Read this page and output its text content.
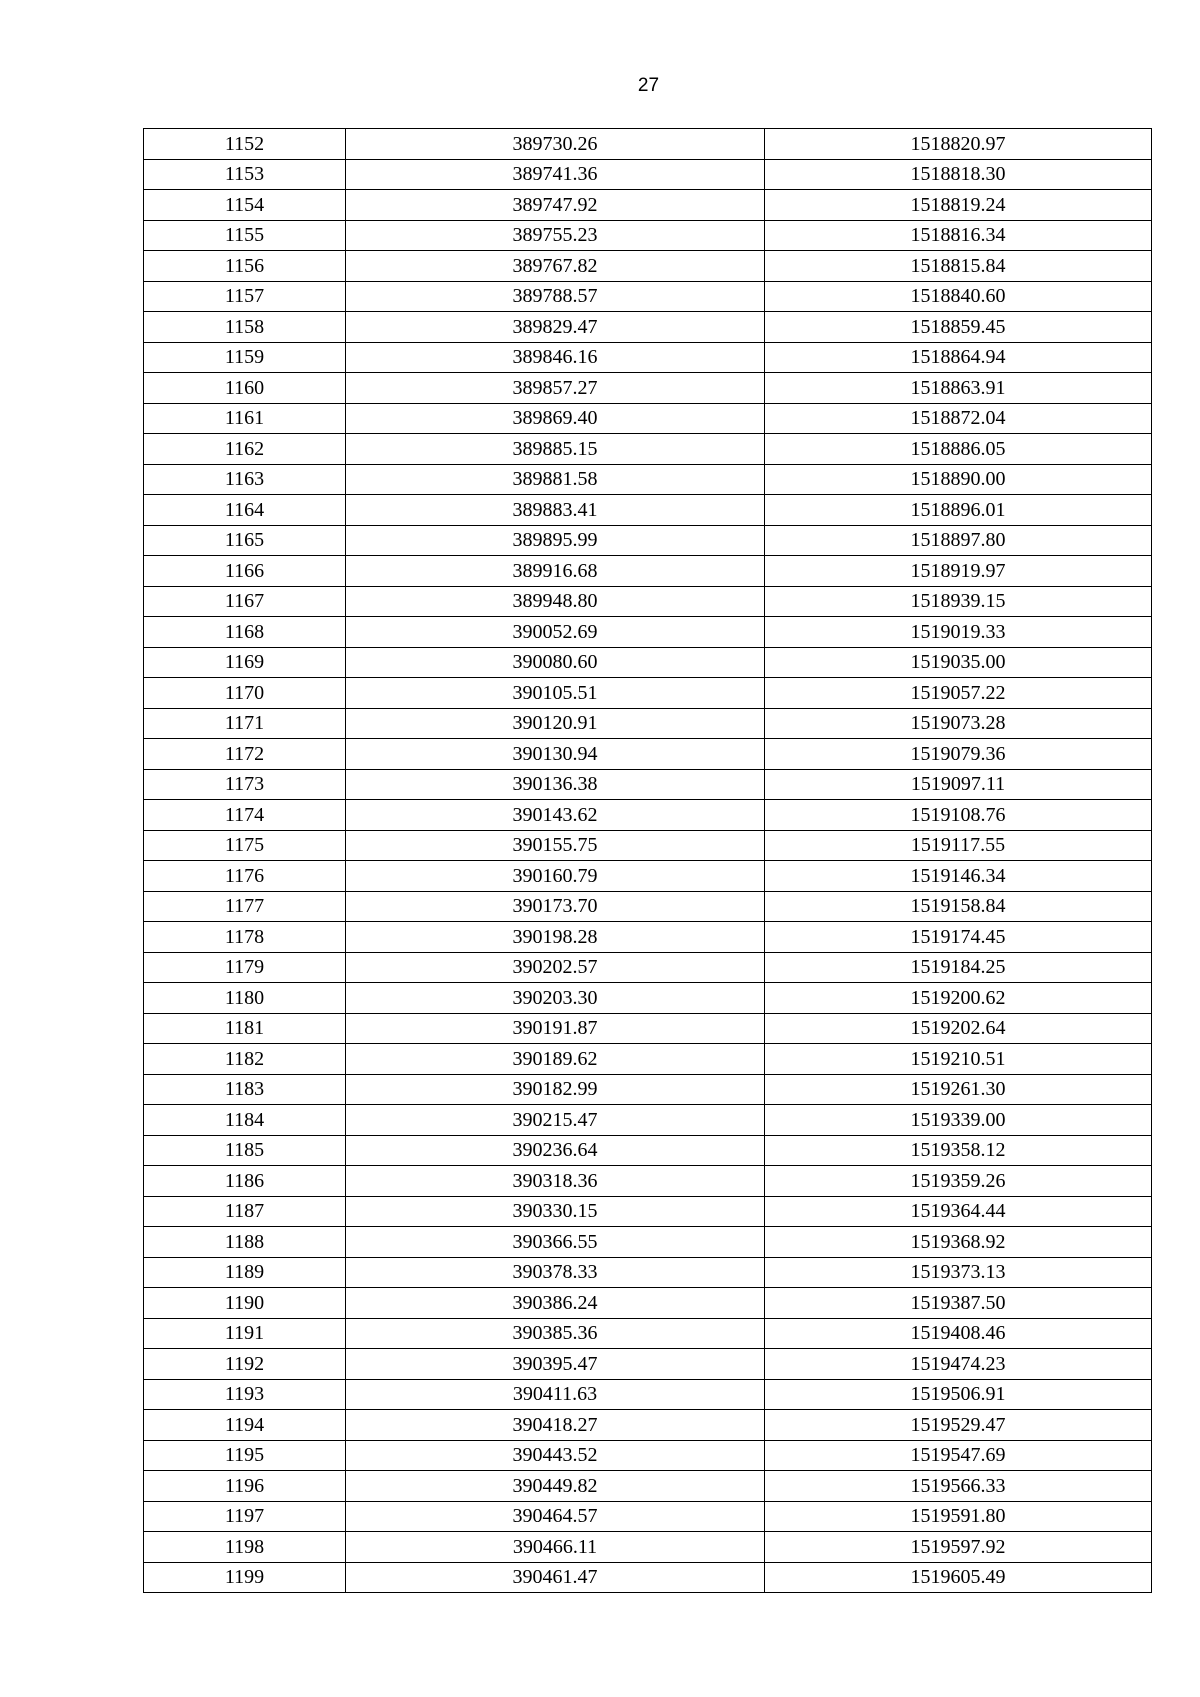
27
1152	389730.26	1518820.97
1153	389741.36	1518818.30
1154	389747.92	1518819.24
1155	389755.23	1518816.34
1156	389767.82	1518815.84
1157	389788.57	1518840.60
1158	389829.47	1518859.45
1159	389846.16	1518864.94
1160	389857.27	1518863.91
1161	389869.40	1518872.04
1162	389885.15	1518886.05
1163	389881.58	1518890.00
1164	389883.41	1518896.01
1165	389895.99	1518897.80
1166	389916.68	1518919.97
1167	389948.80	1518939.15
1168	390052.69	1519019.33
1169	390080.60	1519035.00
1170	390105.51	1519057.22
1171	390120.91	1519073.28
1172	390130.94	1519079.36
1173	390136.38	1519097.11
1174	390143.62	1519108.76
1175	390155.75	1519117.55
1176	390160.79	1519146.34
1177	390173.70	1519158.84
1178	390198.28	1519174.45
1179	390202.57	1519184.25
1180	390203.30	1519200.62
1181	390191.87	1519202.64
1182	390189.62	1519210.51
1183	390182.99	1519261.30
1184	390215.47	1519339.00
1185	390236.64	1519358.12
1186	390318.36	1519359.26
1187	390330.15	1519364.44
1188	390366.55	1519368.92
1189	390378.33	1519373.13
1190	390386.24	1519387.50
1191	390385.36	1519408.46
1192	390395.47	1519474.23
1193	390411.63	1519506.91
1194	390418.27	1519529.47
1195	390443.52	1519547.69
1196	390449.82	1519566.33
1197	390464.57	1519591.80
1198	390466.11	1519597.92
1199	390461.47	1519605.49
